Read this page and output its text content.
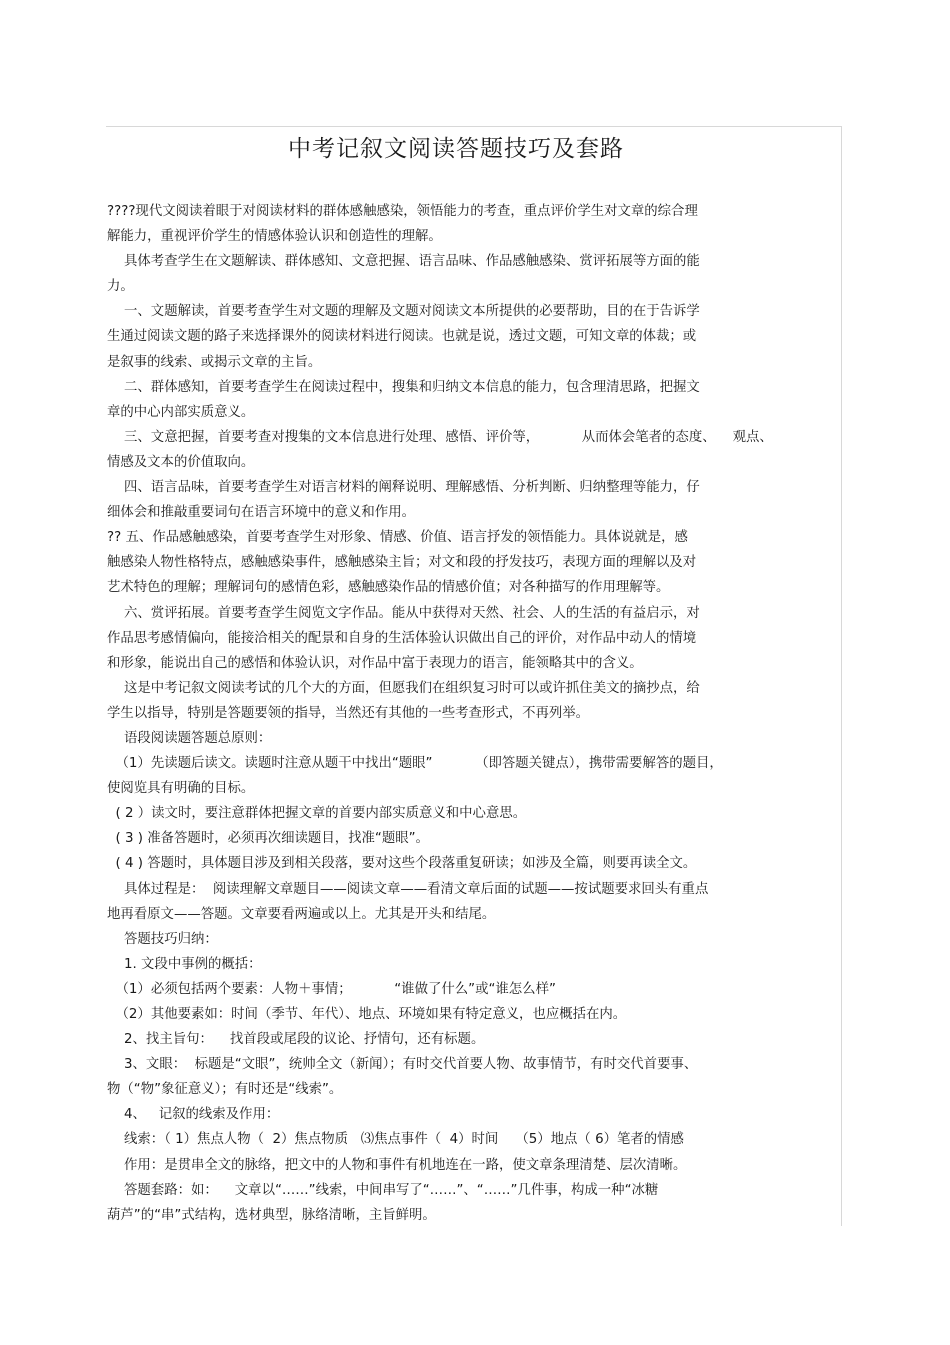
中考记叙文阅读答题技巧及套路
????现代文阅读着眼于对阅读材料的群体感触感染，领悟能力的考查，重点评价学生对文章的综合理
解能力，重视评价学生的情感体验认识和创造性的理解。
具体考查学生在文题解读、群体感知、文意把握、语言品味、作品感触感染、赏评拓展等方面的能
力。
一、文题解读，首要考查学生对文题的理解及文题对阅读文本所提供的必要帮助，目的在于告诉学
生通过阅读文题的路子来选择课外的阅读材料进行阅读。也就是说，透过文题，可知文章的体裁；或
是叙事的线索、或揭示文章的主旨。
二、群体感知，首要考查学生在阅读过程中，搜集和归纳文本信息的能力，包含理清思路，把握文
章的中心内部实质意义。
三、文意把握，首要考查对搜集的文本信息进行处理、感悟、评价等，          从而体会笔者的态度、    观点、
情感及文本的价值取向。
四、语言品味，首要考查学生对语言材料的阐释说明、理解感悟、分析判断、归纳整理等能力，仔
细体会和推敲重要词句在语言环境中的意义和作用。
?? 五、作品感触感染，首要考查学生对形象、情感、价值、语言抒发的领悟能力。具体说就是，感
触感染人物性格特点，感触感染事件，感触感染主旨；对文和段的抒发技巧，表现方面的理解以及对
艺术特色的理解；理解词句的感情色彩，感触感染作品的情感价值；对各种描写的作用理解等。
六、赏评拓展。首要考查学生阅览文字作品。能从中获得对天然、社会、人的生活的有益启示，对
作品思考感情偏向，能接洽相关的配景和自身的生活体验认识做出自己的评价，对作品中动人的情境
和形象，能说出自己的感悟和体验认识，对作品中富于表现力的语言，能领略其中的含义。
这是中考记叙文阅读考试的几个大的方面，但愿我们在组织复习时可以或许抓住美文的摘抄点，给
学生以指导，特别是答题要领的指导，当然还有其他的一些考查形式，不再列举。
语段阅读题答题总原则：
（1）先读题后读文。读题时注意从题干中找出“题眼”          （即答题关键点），携带需要解答的题目，
使阅览具有明确的目标。
( 2 ）读文时，要注意群体把握文章的首要内部实质意义和中心意思。
( 3 ) 准备答题时，必须再次细读题目，找准“题眼”。
( 4 ) 答题时，具体题目涉及到相关段落，要对这些个段落重复研读；如涉及全篇，则要再读全文。
具体过程是：  阅读理解文章题目——阅读文章——看清文章后面的试题——按试题要求回头有重点
地再看原文——答题。文章要看两遍或以上。尤其是开头和结尾。
答题技巧归纳：
1. 文段中事例的概括：
（1）必须包括两个要素：人物＋事情；          “谁做了什么”或“谁怎么样”
（2）其他要素如：时间（季节、年代）、地点、环境如果有特定意义，也应概括在内。
2、找主旨句：    找首段或尾段的议论、抒情句，还有标题。
3、文眼：  标题是“文眼”，统帅全文（新闻）；有时交代首要人物、故事情节，有时交代首要事、
物（“物”象征意义）；有时还是“线索”。
4、   记叙的线索及作用：
线索：（ 1）焦点人物（  2）焦点物质   ⑶焦点事件（  4）时间    （5）地点（ 6）笔者的情感
作用：是贯串全文的脉络，把文中的人物和事件有机地连在一路，使文章条理清楚、层次清晰。
答题套路：如：    文章以“……”线索，中间串写了“……”、“……”几件事，构成一种“冰糖
葫芦”的“串”式结构，选材典型，脉络清晰，主旨鲜明。
